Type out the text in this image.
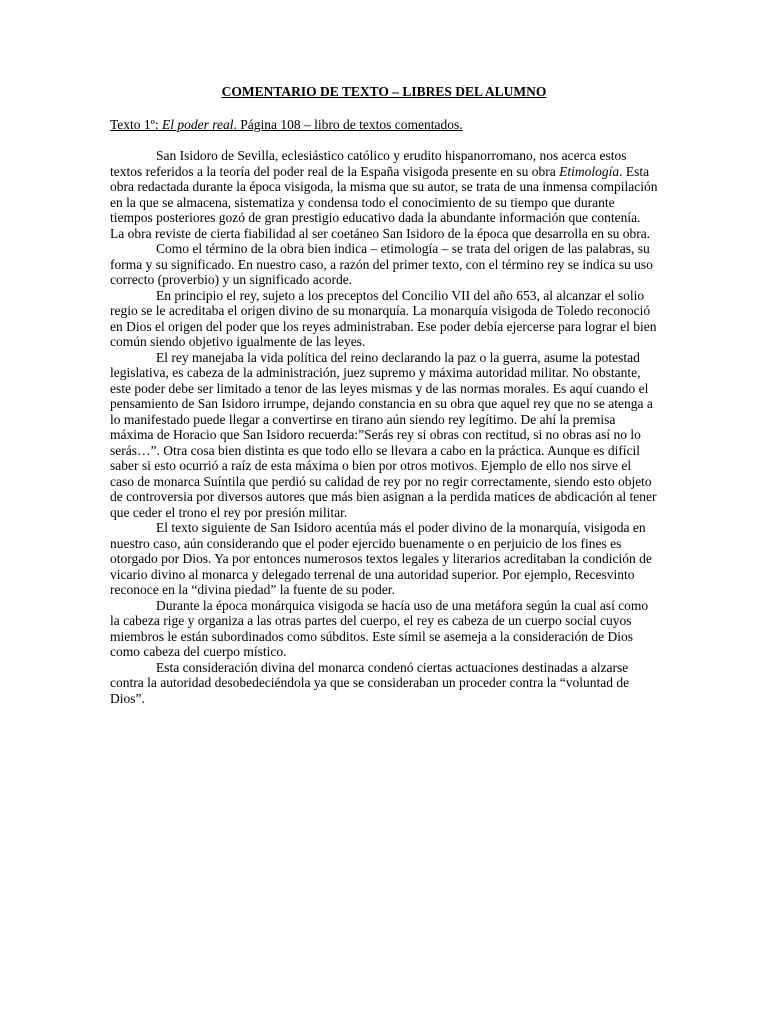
COMENTARIO DE TEXTO – LIBRES DEL ALUMNO
Texto 1º: El poder real. Página 108 – libro de textos comentados.

San Isidoro de Sevilla, eclesiástico católico y erudito hispanorromano, nos acerca estos textos referidos a la teoría del poder real de la España visigoda presente en su obra Etimología. Esta obra redactada durante la época visigoda, la misma que su autor, se trata de una inmensa compilación en la que se almacena, sistematiza y condensa todo el conocimiento de su tiempo que durante tiempos posteriores gozó de gran prestigio educativo dada la abundante información que contenía. La obra reviste de cierta fiabilidad al ser coetáneo San Isidoro de la época que desarrolla en su obra.

Como el término de la obra bien indica – etimología – se trata del origen de las palabras, su forma y su significado. En nuestro caso, a razón del primer texto, con el término rey se indica su uso correcto (proverbio) y un significado acorde.

En principio el rey, sujeto a los preceptos del Concilio VII del año 653, al alcanzar el solio regio se le acreditaba el origen divino de su monarquía. La monarquía visigoda de Toledo reconoció en Dios el origen del poder que los reyes administraban. Ese poder debía ejercerse para lograr el bien común siendo objetivo igualmente de las leyes.

El rey manejaba la vida política del reino declarando la paz o la guerra, asume la potestad legislativa, es cabeza de la administración, juez supremo y máxima autoridad militar. No obstante, este poder debe ser limitado a tenor de las leyes mismas y de las normas morales. Es aquí cuando el pensamiento de San Isidoro irrumpe, dejando constancia en su obra que aquel rey que no se atenga a lo manifestado puede llegar a convertirse en tirano aún siendo rey legítimo. De ahí la premisa máxima de Horacio que San Isidoro recuerda:”Serás rey si obras con rectitud, si no obras así no lo serás…”. Otra cosa bien distinta es que todo ello se llevara a cabo en la práctica. Aunque es difícil saber si esto ocurrió a raíz de esta máxima o bien por otros motivos. Ejemplo de ello nos sirve el caso de monarca Suíntila que perdió su calidad de rey por no regir correctamente, siendo esto objeto de controversia por diversos autores que más bien asignan a la perdida matices de abdicación al tener que ceder el trono el rey por presión militar.

El texto siguiente de San Isidoro acentúa más el poder divino de la monarquía, visigoda en nuestro caso, aún considerando que el poder ejercido buenamente o en perjuicio de los fines es otorgado por Dios. Ya por entonces numerosos textos legales y literarios acreditaban la condición de vicario divino al monarca y delegado terrenal de una autoridad superior. Por ejemplo, Recesvinto reconoce en la “divina piedad” la fuente de su poder.

Durante la época monárquica visigoda se hacía uso de una metáfora según la cual así como la cabeza rige y organiza a las otras partes del cuerpo, el rey es cabeza de un cuerpo social cuyos miembros le están subordinados como súbditos. Este símil se asemeja a la consideración de Dios como cabeza del cuerpo místico.

Esta consideración divina del monarca condenó ciertas actuaciones destinadas a alzarse contra la autoridad desobedeciéndola ya que se consideraban un proceder contra la “voluntad de Dios”.
